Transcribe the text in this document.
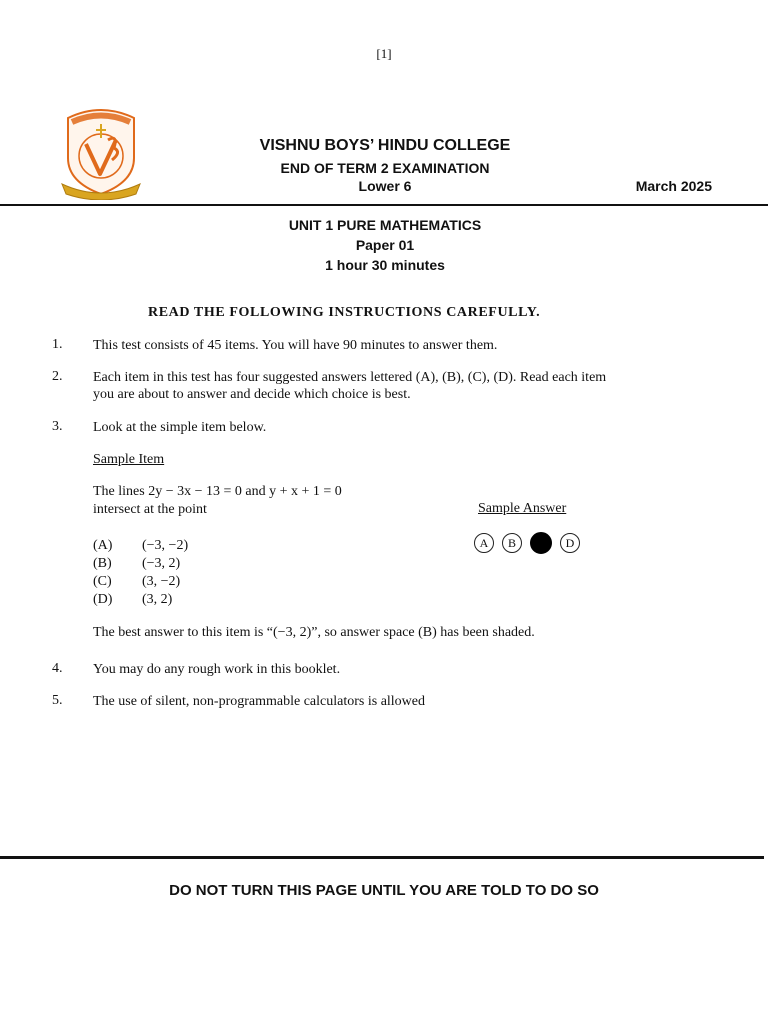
[1]
VISHNU BOYS’ HINDU COLLEGE
END OF TERM 2 EXAMINATION
Lower 6	March 2025
UNIT 1 PURE MATHEMATICS
Paper 01
1 hour 30 minutes
READ THE FOLLOWING INSTRUCTIONS CAREFULLY.
1. This test consists of 45 items. You will have 90 minutes to answer them.
2. Each item in this test has four suggested answers lettered (A), (B), (C), (D). Read each item
you are about to answer and decide which choice is best.
3. Look at the simple item below.
Sample Item
The lines 2y − 3x − 13 = 0 and y + x + 1 = 0
intersect at the point	Sample Answer
(A) (−3, −2)
(B) (−3, 2)
(C) (3, −2)
(D) (3, 2)
A	B	C	D
The best answer to this item is “(−3, 2)”, so answer space (B) has been shaded.
4. You may do any rough work in this booklet.
5. The use of silent, non-programmable calculators is allowed
DO NOT TURN THIS PAGE UNTIL YOU ARE TOLD TO DO SO
